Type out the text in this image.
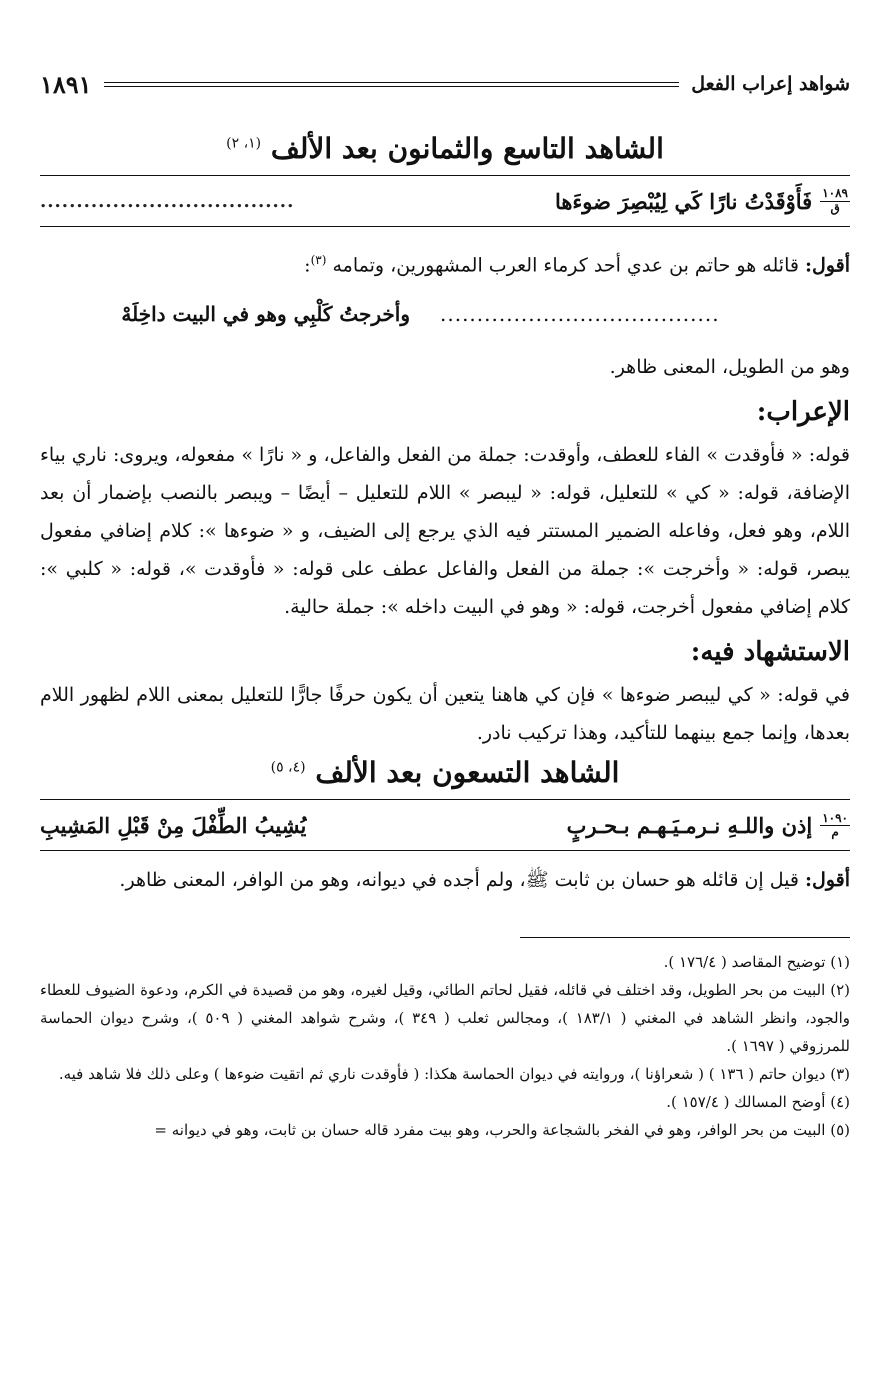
شواهد إعراب الفعل
١٨٩١
الشاهد التاسع والثمانون بعد الألف $^{(١، ٢)}$
١٠٨٩
ق
فَأَوْقَدْتُ نارًا كَي لِيُبْصِرَ ضوءَها
...................................

أقول: قائله هو حاتم بن عدي أحد كرماء العرب المشهورين، وتمامه $^{(٣)}$:

......................................
وأخرجتُ كَلْبِي وهو في البيت داخِلَهْ

وهو من الطويل، المعنى ظاهر.

الإعراب:

قوله: « فأوقدت » الفاء للعطف، وأوقدت: جملة من الفعل والفاعل، و « نارًا » مفعوله، ويروى: ناري بياء الإضافة، قوله: « كي » للتعليل، قوله: « ليبصر » اللام للتعليل – أيضًا – ويبصر بالنصب بإضمار أن بعد اللام، وهو فعل، وفاعله الضمير المستتر فيه الذي يرجع إلى الضيف، و « ضوءها »: كلام إضافي مفعول يبصر، قوله: « وأخرجت »: جملة من الفعل والفاعل عطف على قوله: « فأوقدت »، قوله: « كلبي »: كلام إضافي مفعول أخرجت، قوله: « وهو في البيت داخله »: جملة حالية.

الاستشهاد فيه:

في قوله: « كي ليبصر ضوءها » فإن كي هاهنا يتعين أن يكون حرفًا جارًّا للتعليل بمعنى اللام لظهور اللام بعدها، وإنما جمع بينهما للتأكيد، وهذا تركيب نادر.

الشاهد التسعون بعد الألف $^{(٤، ٥)}$
١٠٩٠
م
إذن واللـهِ نـرمـيَـهـم بـحـربٍ
يُشِيبُ الطِّفْلَ مِنْ قَبْلِ المَشِيبِ

أقول: قيل إن قائله هو حسان بن ثابت ﷺ، ولم أجده في ديوانه، وهو من الوافر، المعنى ظاهر.

(١) توضيح المقاصد ( ١٧٦/٤ ).

(٢) البيت من بحر الطويل، وقد اختلف في قائله، فقيل لحاتم الطائي، وقيل لغيره، وهو من قصيدة في الكرم، ودعوة الضيوف للعطاء والجود، وانظر الشاهد في المغني ( ١٨٣/١ )، ومجالس ثعلب ( ٣٤٩ )، وشرح شواهد المغني ( ٥٠٩ )، وشرح ديوان الحماسة للمرزوقي ( ١٦٩٧ ).

(٣) ديوان حاتم ( ١٣٦ ) ( شعراؤنا )، وروايته في ديوان الحماسة هكذا: ( فأوقدت ناري ثم اتقيت ضوءها ) وعلى ذلك فلا شاهد فيه.

(٤) أوضح المسالك ( ١٥٧/٤ ).

(٥) البيت من بحر الوافر، وهو في الفخر بالشجاعة والحرب، وهو بيت مفرد قاله حسان بن ثابت، وهو في ديوانه =
